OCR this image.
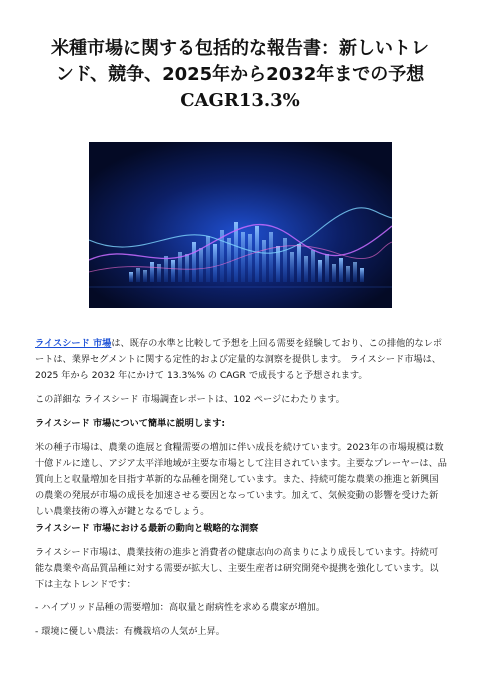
米種市場に関する包括的な報告書：新しいトレ
ンド、競争、2025年から2032年までの予想
CAGR13.3%

ライスシード 市場は、既存の水準と比較して予想を上回る需要を経験しており、この排他的なレポートは、業界セグメントに関する定性的および定量的な洞察を提供します。 ライスシード市場は、2025 年から 2032 年にかけて 13.3%% の CAGR で成長すると予想されます。

この詳細な ライスシード 市場調査レポートは、102 ページにわたります。

ライスシード 市場について簡単に説明します:

米の種子市場は、農業の進展と食糧需要の増加に伴い成長を続けています。2023年の市場規模は数十億ドルに達し、アジア太平洋地域が主要な市場として注目されています。主要なプレーヤーは、品質向上と収量増加を目指す革新的な品種を開発しています。また、持続可能な農業の推進と新興国の農業の発展が市場の成長を加速させる要因となっています。加えて、気候変動の影響を受けた新しい農業技術の導入が鍵となるでしょう。

ライスシード 市場における最新の動向と戦略的な洞察

ライスシード市場は、農業技術の進歩と消費者の健康志向の高まりにより成長しています。持続可能な農業や高品質品種に対する需要が拡大し、主要生産者は研究開発や提携を強化しています。以下は主なトレンドです：

- ハイブリッド品種の需要増加：高収量と耐病性を求める農家が増加。

- 環境に優しい農法：有機栽培の人気が上昇。
